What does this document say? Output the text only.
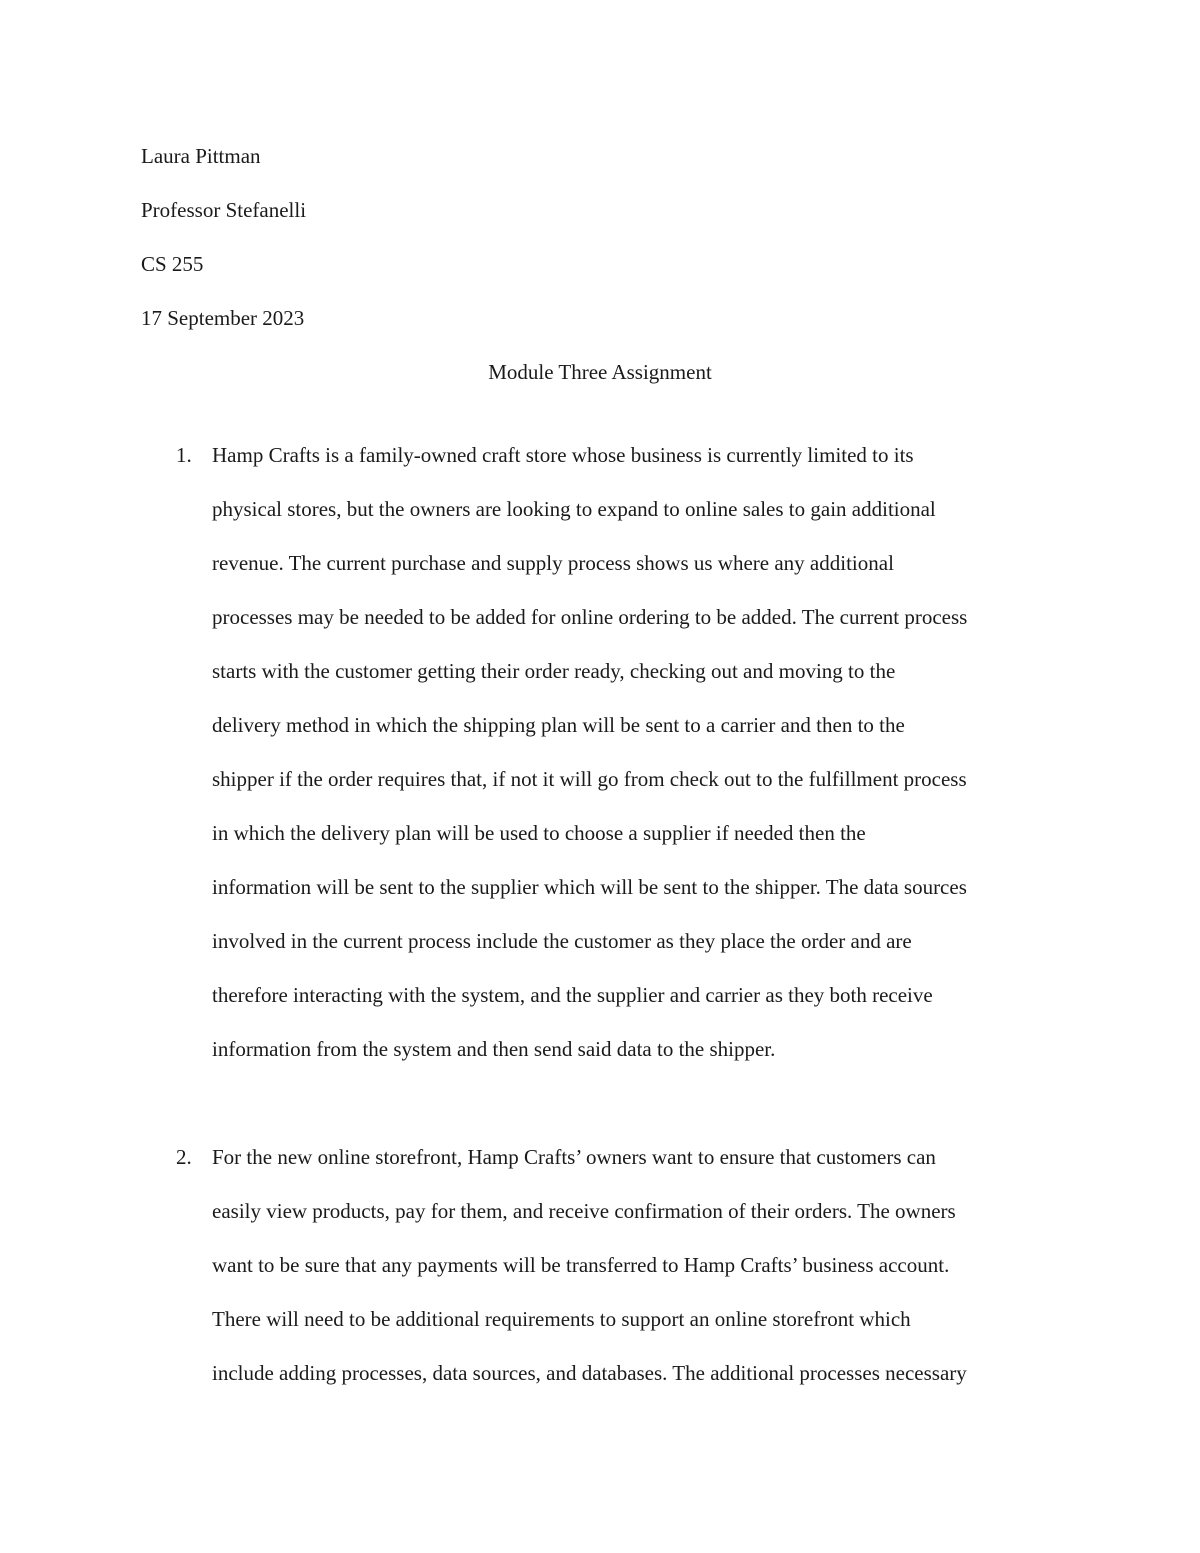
Laura Pittman
Professor Stefanelli
CS 255
17 September 2023
Module Three Assignment
1. Hamp Crafts is a family-owned craft store whose business is currently limited to its
physical stores, but the owners are looking to expand to online sales to gain additional
revenue. The current purchase and supply process shows us where any additional
processes may be needed to be added for online ordering to be added. The current process
starts with the customer getting their order ready, checking out and moving to the
delivery method in which the shipping plan will be sent to a carrier and then to the
shipper if the order requires that, if not it will go from check out to the fulfillment process
in which the delivery plan will be used to choose a supplier if needed then the
information will be sent to the supplier which will be sent to the shipper. The data sources
involved in the current process include the customer as they place the order and are
therefore interacting with the system, and the supplier and carrier as they both receive
information from the system and then send said data to the shipper.
2. For the new online storefront, Hamp Crafts’ owners want to ensure that customers can
easily view products, pay for them, and receive confirmation of their orders. The owners
want to be sure that any payments will be transferred to Hamp Crafts’ business account.
There will need to be additional requirements to support an online storefront which
include adding processes, data sources, and databases. The additional processes necessary
